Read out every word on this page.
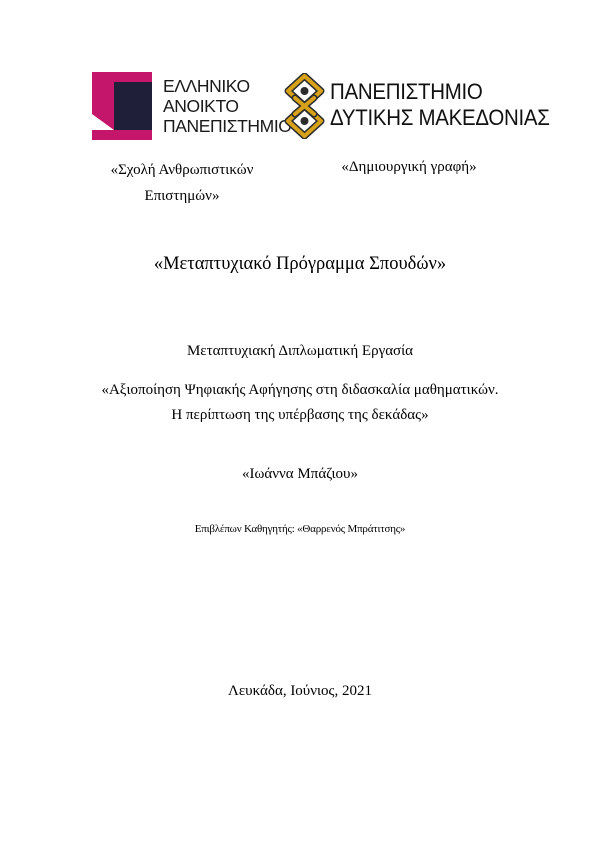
ΕΛΛΗΝΙΚΟ
ΑΝΟΙΚΤΟ
ΠΑΝΕΠΙΣΤΗΜΙΟ
ΠΑΝΕΠΙΣΤΗΜΙΟ
ΔΥΤΙΚΗΣ ΜΑΚΕΔΟΝΙΑΣ
«Σχολή Ανθρωπιστικών
Επιστημών»
«Δημιουργική γραφή»
«Μεταπτυχιακό Πρόγραμμα Σπουδών»
Μεταπτυχιακή Διπλωματική Εργασία
«Αξιοποίηση Ψηφιακής Αφήγησης στη διδασκαλία μαθηματικών.
Η περίπτωση της υπέρβασης της δεκάδας»
«Ιωάννα Μπάζιου»
Επιβλέπων Καθηγητής: «Θαρρενός Μπράτιτσης»
Λευκάδα, Ιούνιος, 2021
